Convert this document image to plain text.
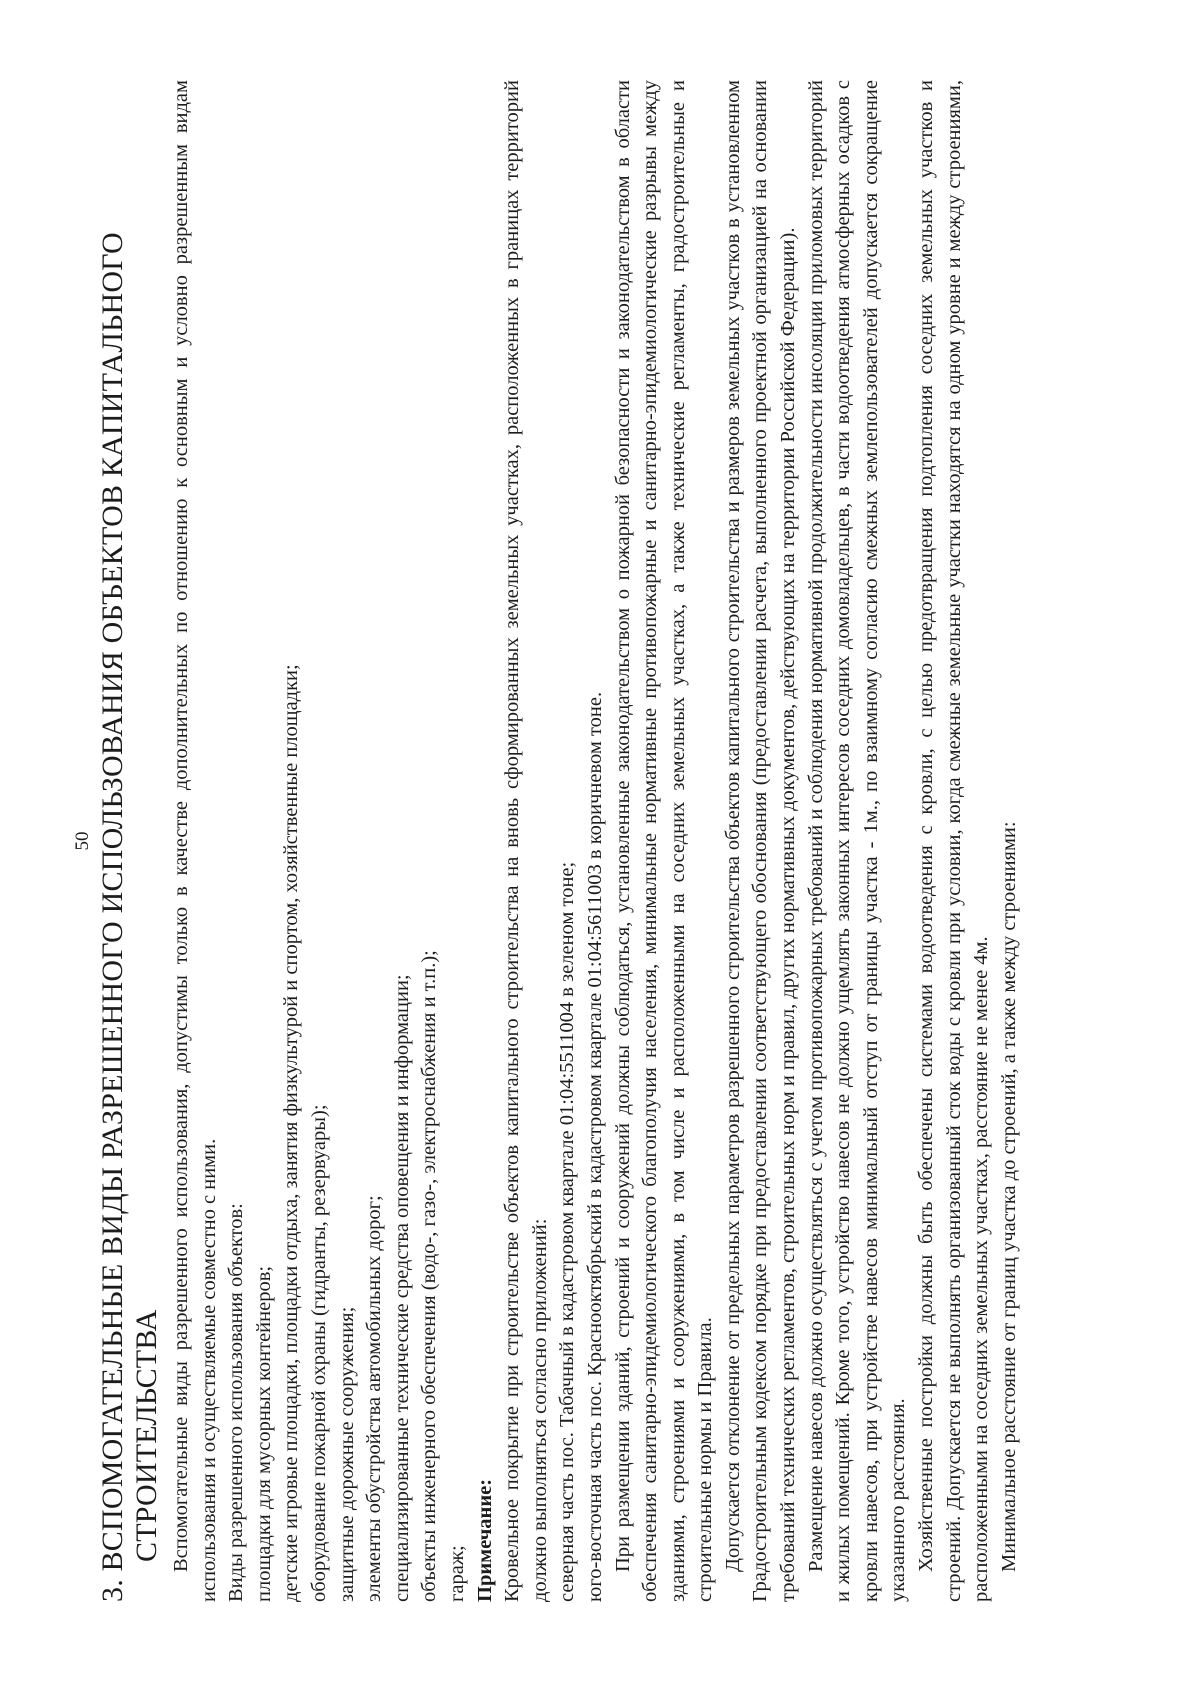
50 3. ВСПОМОГАТЕЛЬНЫЕ ВИДЫ РАЗРЕШЕННОГО ИСПОЛЬЗОВАНИЯ ОБЪЕКТОВ КАПИТАЛЬНОГО СТРОИТЕЛЬСТВА Вспомогательные виды разрешенного использования, допустимы только в качестве дополнительных по отношению к основным и условно разрешенным видам использования и осуществляемые совместно с ними. Виды разрешенного использования объектов: площадки для мусорных контейнеров; детские игровые площадки, площадки отдыха, занятия физкультурой и спортом, хозяйственные площадки; оборудование пожарной охраны (гидранты, резервуары); защитные дорожные сооружения; элементы обустройства автомобильных дорог; специализированные технические средства оповещения и информации; объекты инженерного обеспечения (водо-, газо-, электроснабжения и т.п.); гараж; Примечание: Кровельное покрытие при строительстве объектов капитального строительства на вновь сформированных земельных участках, расположенных в границах территорий должно выполняться согласно приложений: северная часть пос. Табачный в кадастровом квартале 01:04:5511004 в зеленом тоне; юго-восточная часть пос. Краснооктябрьский в кадастровом квартале 01:04:5611003 в коричневом тоне. При размещении зданий, строений и сооружений должны соблюдаться, установленные законодательством о пожарной безопасности и законодательством в области обеспечения санитарно-эпидемиологического благополучия населения, минимальные нормативные противопожарные и санитарно-эпидемиологические разрывы между зданиями, строениями и сооружениями, в том числе и расположенными на соседних земельных участках, а также технические регламенты, градостроительные и строительные нормы и Правила. Допускается отклонение от предельных параметров разрешенного строительства объектов капитального строительства и размеров земельных участков в установленном Градостроительным кодексом порядке при предоставлении соответствующего обоснования (предоставлении расчета, выполненного проектной организацией на основании требований технических регламентов, строительных норм и правил, других нормативных документов, действующих на территории Российской Федерации). Размещение навесов должно осуществляться с учетом противопожарных требований и соблюдения нормативной продолжительности инсоляции приломовых территорий и жилых помещений. Кроме того, устройство навесов не должно ущемлять законных интересов соседних домовладельцев, в части водоотведения атмосферных осадков с кровли навесов, при устройстве навесов минимальный отступ от границы участка - 1м., по взаимному согласию смежных землепользователей допускается сокращение указанного расстояния. Хозяйственные постройки должны быть обеспечены системами водоотведения с кровли, с целью предотвращения подтопления соседних земельных участков и строений. Допускается не выполнять организованный сток воды с кровли при условии, когда смежные земельные участки находятся на одном уровне и между строениями, расположенными на соседних земельных участках, расстояние не менее 4м. Минимальное расстояние от границ участка до строений, а также между строениями:
